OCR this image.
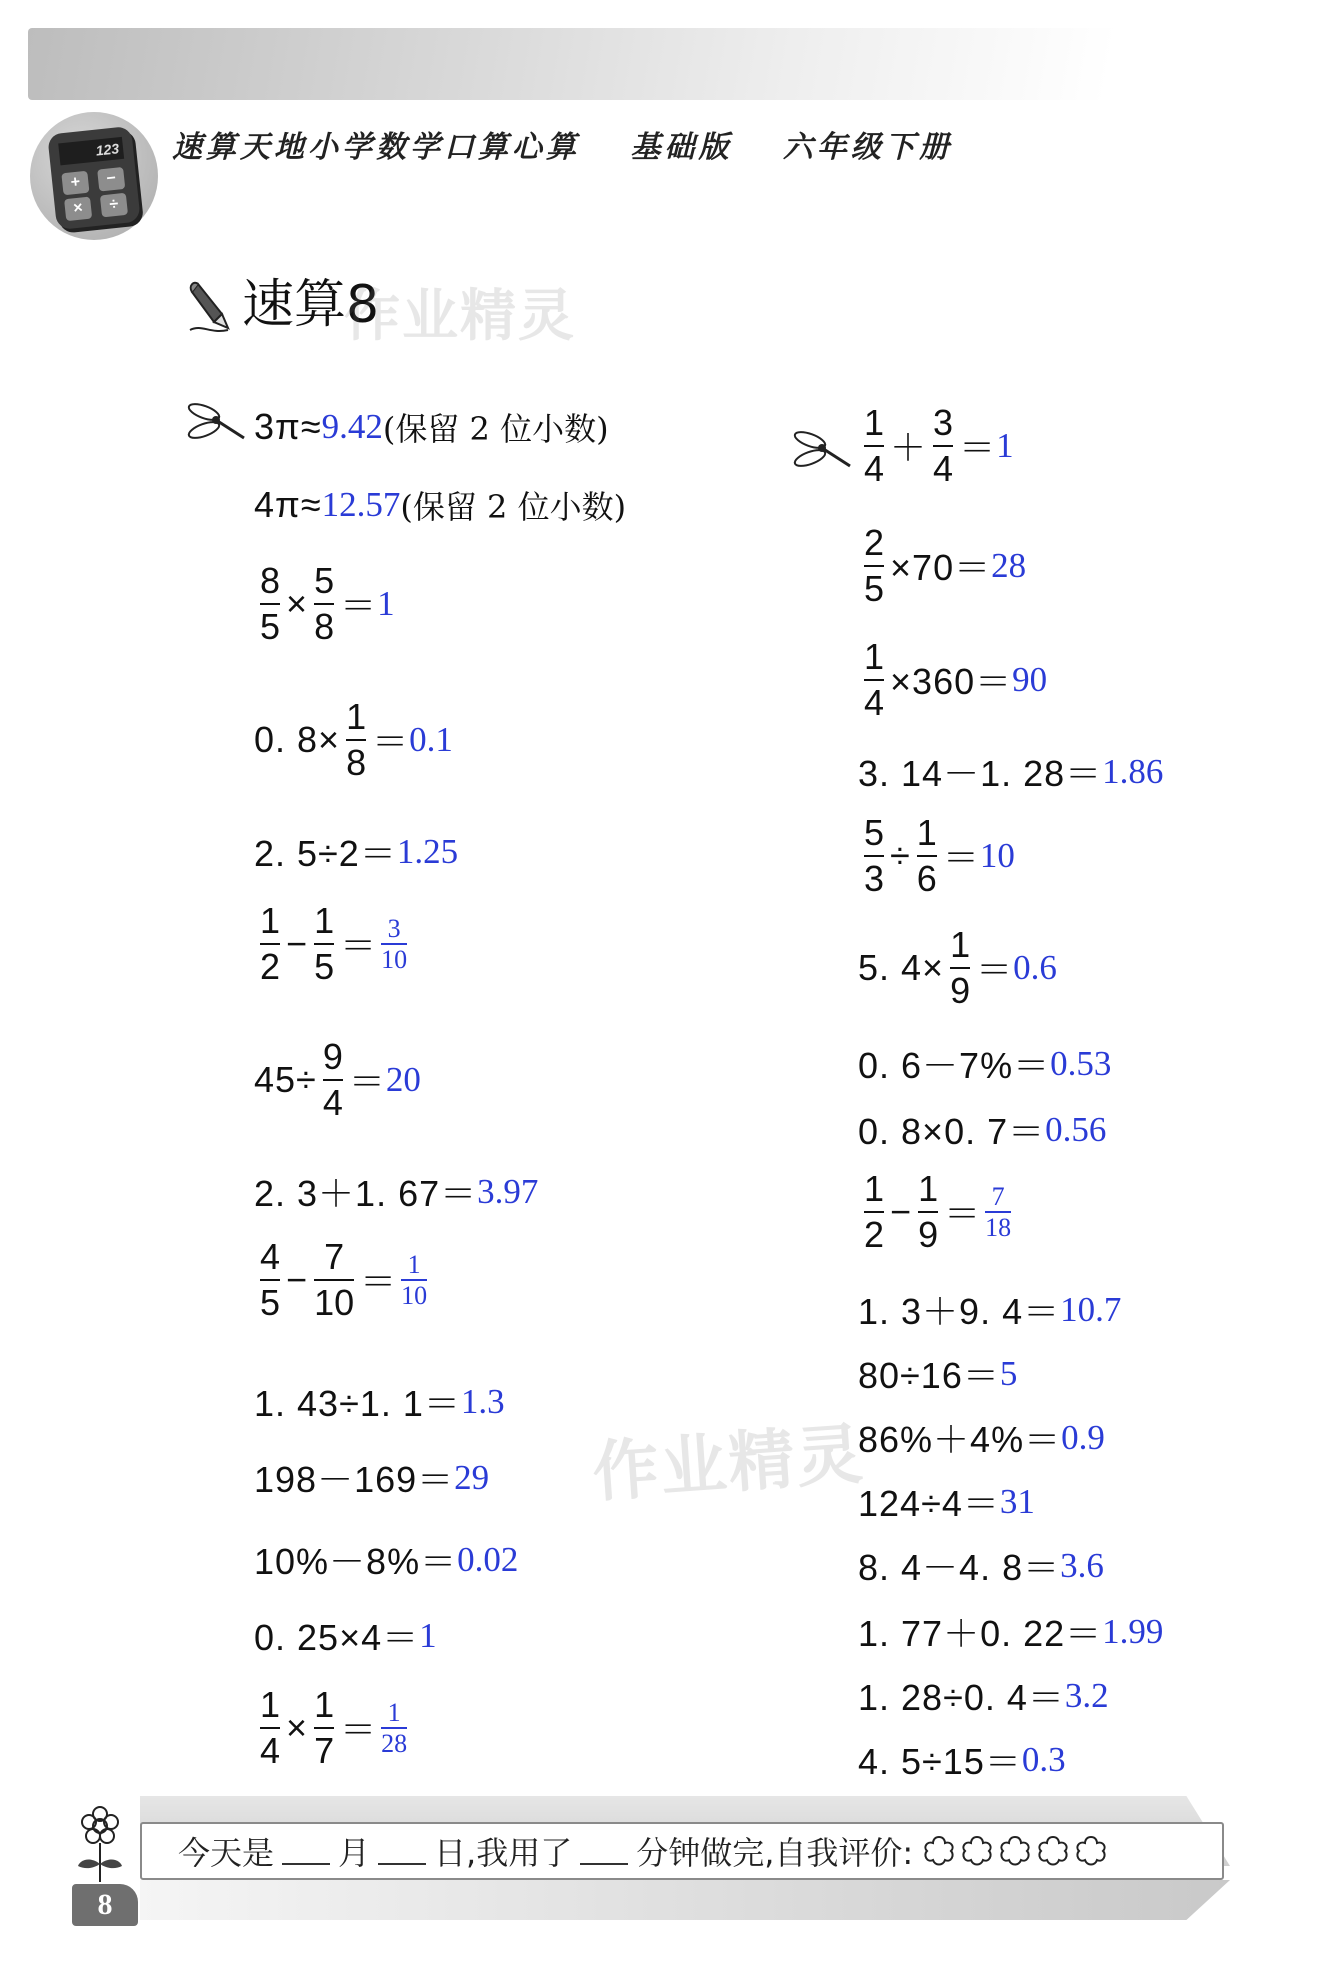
123
+	−
×	÷
速算天地小学数学口算心算 基础版 六年级下册
速算8
作业精灵
作业精灵
3π≈ 9.42 (保留 2 位小数)
4π≈ 12.57 (保留 2 位小数)
$\frac{8}{5} \times \frac{5}{8} = 1$
0. $8\times \frac{1}{8} = 0.1$
2. 5÷2＝ 1.25
$\frac{1}{2} - \frac{1}{5} = \frac{3}{10}$
$45\div \frac{9}{4} = 20$
2. 3＋1. 67＝ 3.97
$\frac{4}{5} - \frac{7}{10} = \frac{1}{10}$
1. 43÷1. 1＝ 1.3
198－169＝ 29
10%－8%＝ 0.02
0. 25×4＝ 1
$\frac{1}{4} \times \frac{1}{7} = \frac{1}{28}$
$\frac{1}{4} + \frac{3}{4} = 1$
$\frac{2}{5} \times 70= 28$
$\frac{1}{4} \times 360= 90$
3. 14－1. 28＝ 1.86
$\frac{5}{3} \div \frac{1}{6} = 10$
5. $4\times \frac{1}{9} = 0.6$
0. 6－7%＝ 0.53
0. 8×0. 7＝ 0.56
$\frac{1}{2} - \frac{1}{9} = \frac{7}{18}$
1. 3＋9. 4＝ 10.7
80÷16＝ 5
86%＋4%＝ 0.9
124÷4＝ 31
8. 4－4. 8＝ 3.6
1. 77＋0. 22＝ 1.99
1. 28÷0. 4＝ 3.2
4. 5÷15＝ 0.3
今天是 月 日,我用了 分钟做完,自我评价:
8
